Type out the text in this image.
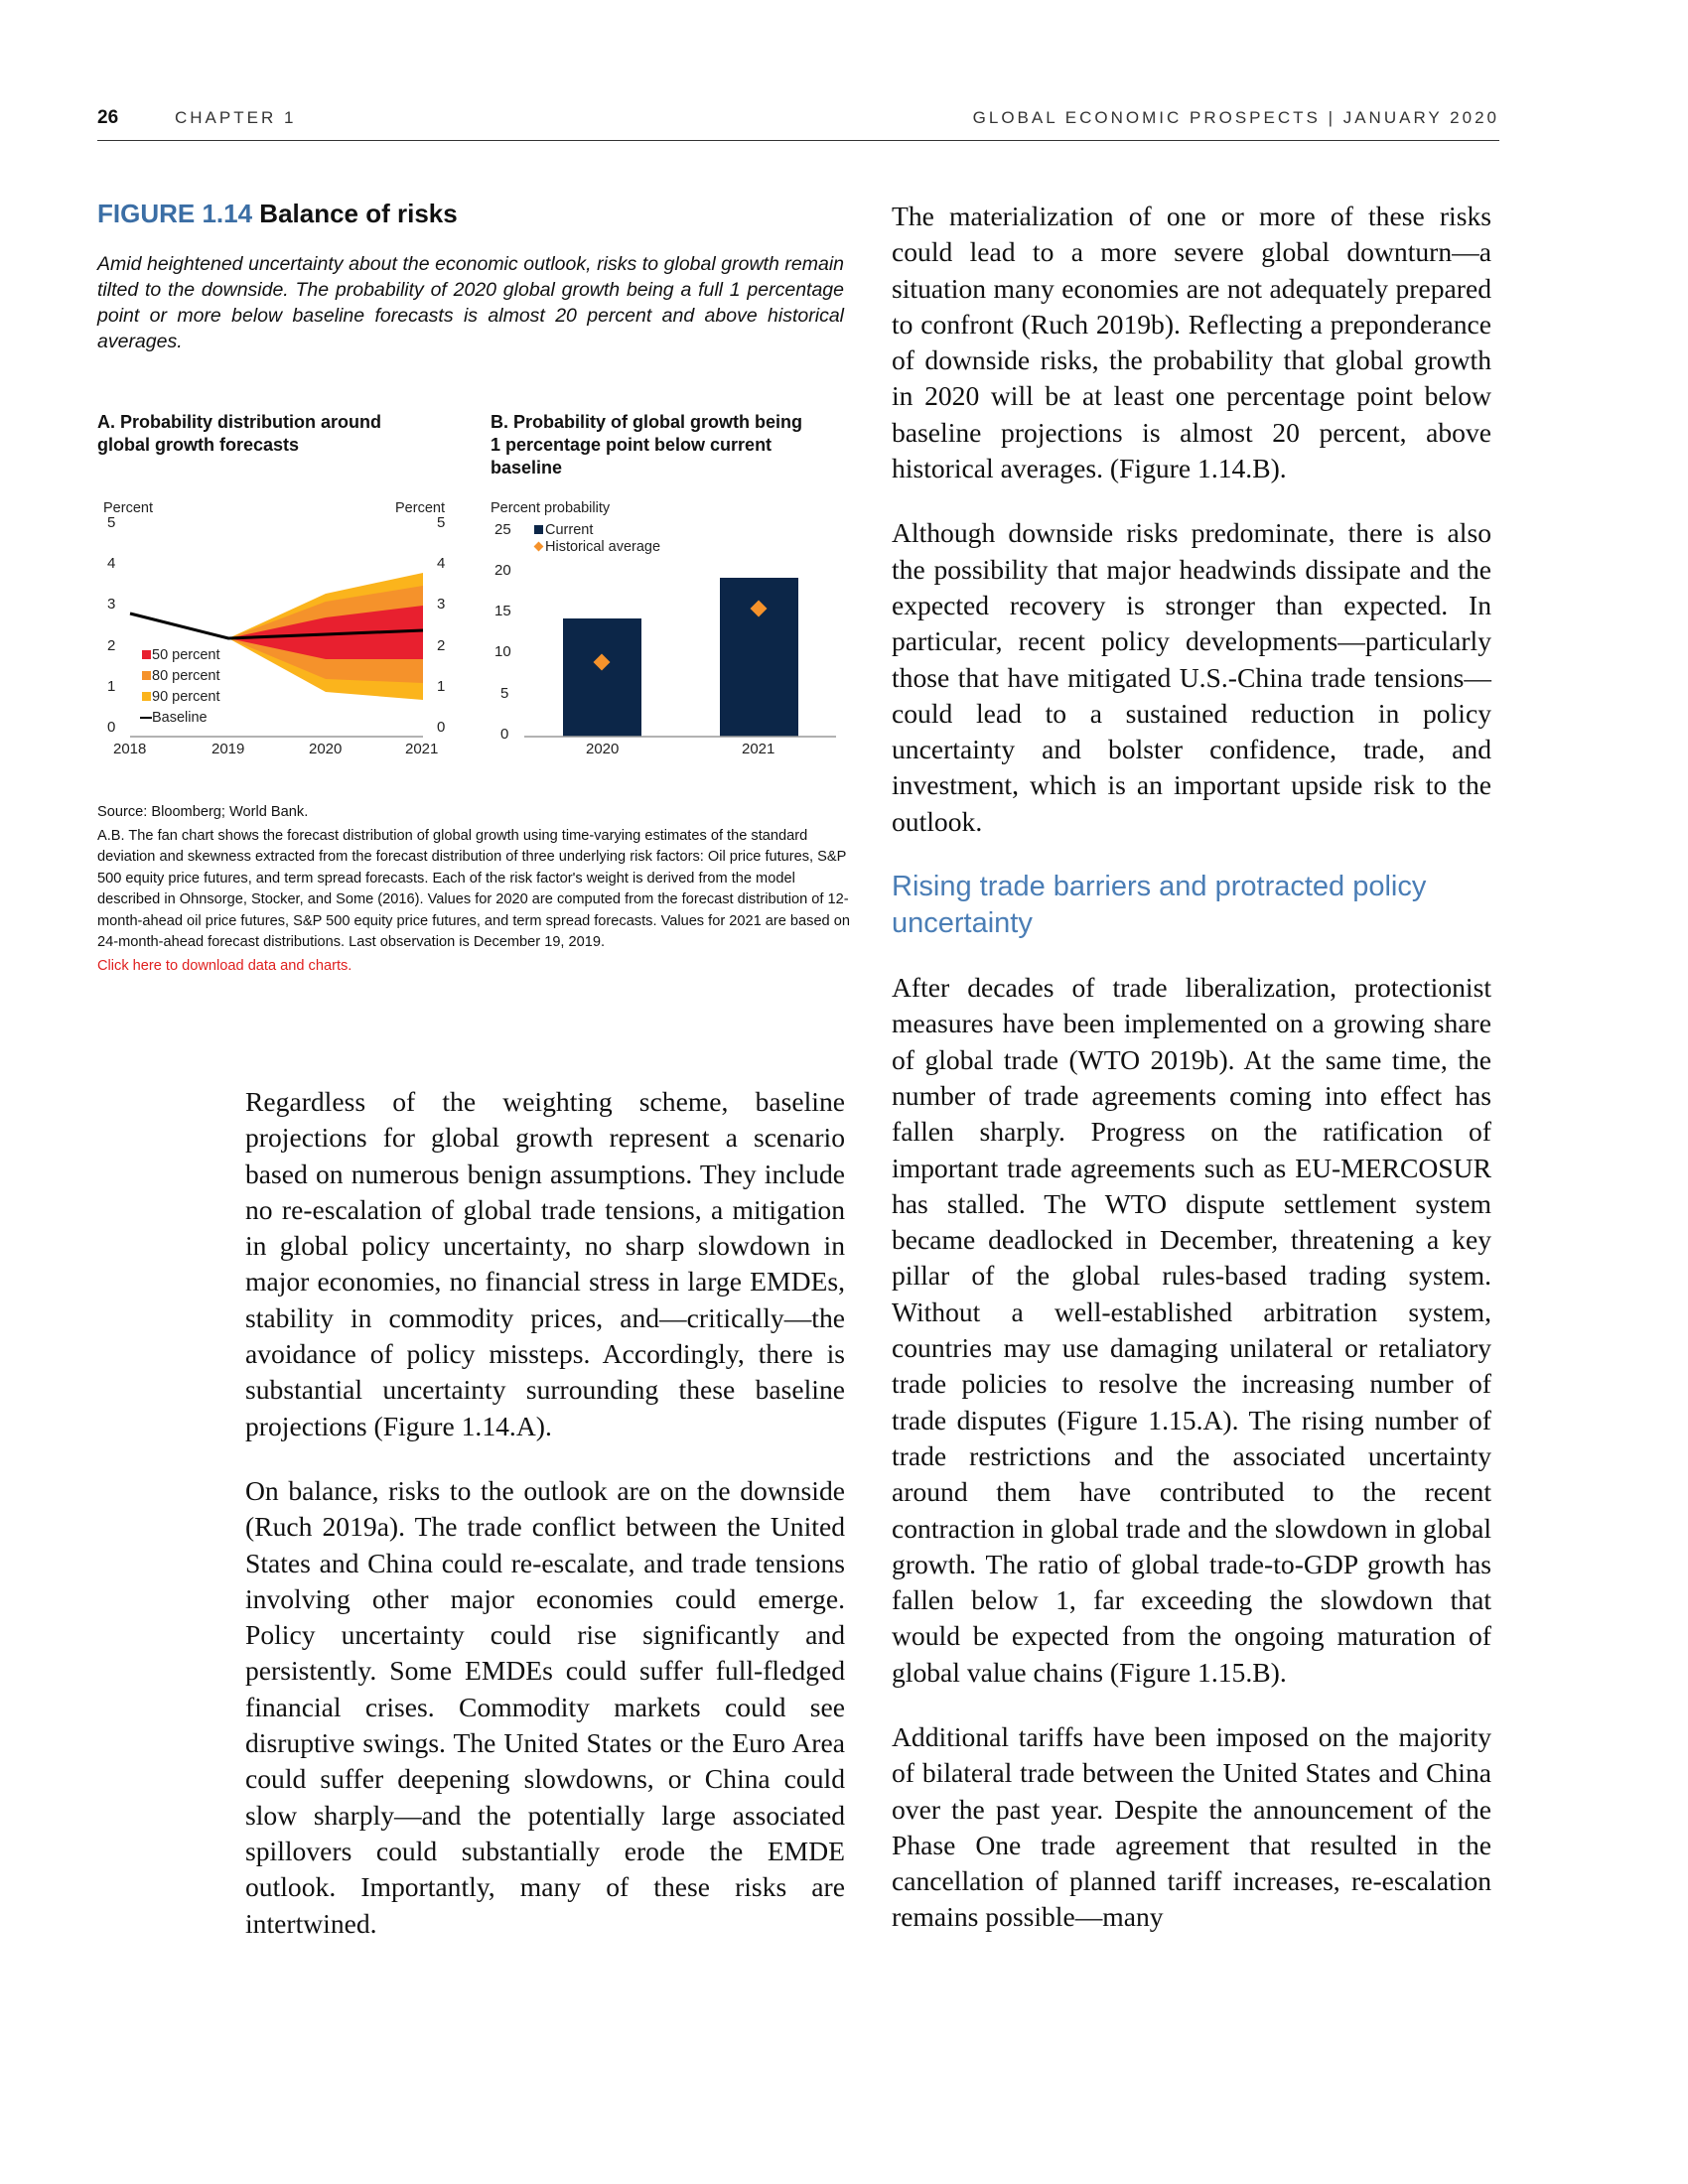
26	CHAPTER 1	GLOBAL ECONOMIC PROSPECTS | JANUARY 2020
FIGURE 1.14 Balance of risks
Amid heightened uncertainty about the economic outlook, risks to global growth remain tilted to the downside. The probability of 2020 global growth being a full 1 percentage point or more below baseline forecasts is almost 20 percent and above historical averages.
A. Probability distribution around
global growth forecasts
Percent	Percent
5
4
3
2
1
0
5
4
3
2
1
0
2018	2019	2020	2021
50 percent
80 percent
90 percent
Baseline
B. Probability of global growth being
1 percentage point below current
baseline
Percent probability
25
20
15
10
5
0
2020	2021
Current
Historical average

Source: Bloomberg; World Bank.

A.B. The fan chart shows the forecast distribution of global growth using time-varying estimates of the standard deviation and skewness extracted from the forecast distribution of three underlying risk factors: Oil price futures, S&P 500 equity price futures, and term spread forecasts. Each of the risk factor's weight is derived from the model described in Ohnsorge, Stocker, and Some (2016). Values for 2020 are computed from the forecast distribution of 12-month-ahead oil price futures, S&P 500 equity price futures, and term spread forecasts. Values for 2021 are based on 24-month-ahead forecast distributions. Last observation is December 19, 2019.

Click here to download data and charts.

Regardless of the weighting scheme, baseline projections for global growth represent a scenario based on numerous benign assumptions. They include no re-escalation of global trade tensions, a mitigation in global policy uncertainty, no sharp slowdown in major economies, no financial stress in large EMDEs, stability in commodity prices, and—critically—the avoidance of policy missteps. Accordingly, there is substantial uncertainty surrounding these baseline projections (Figure 1.14.A).

On balance, risks to the outlook are on the downside (Ruch 2019a). The trade conflict between the United States and China could re-escalate, and trade tensions involving other major economies could emerge. Policy uncertainty could rise significantly and persistently. Some EMDEs could suffer full-fledged financial crises. Commodity markets could see disruptive swings. The United States or the Euro Area could suffer deepening slowdowns, or China could slow sharply—and the potentially large associated spillovers could substantially erode the EMDE outlook. Importantly, many of these risks are intertwined.

The materialization of one or more of these risks could lead to a more severe global downturn—a situation many economies are not adequately prepared to confront (Ruch 2019b). Reflecting a preponderance of downside risks, the probability that global growth in 2020 will be at least one percentage point below baseline projections is almost 20 percent, above historical averages. (Figure 1.14.B).

Although downside risks predominate, there is also the possibility that major headwinds dissipate and the expected recovery is stronger than expected. In particular, recent policy developments—particularly those that have mitigated U.S.-China trade tensions—could lead to a sustained reduction in policy uncertainty and bolster confidence, trade, and investment, which is an important upside risk to the outlook.

Rising trade barriers and protracted policy uncertainty

After decades of trade liberalization, protectionist measures have been implemented on a growing share of global trade (WTO 2019b). At the same time, the number of trade agreements coming into effect has fallen sharply. Progress on the ratification of important trade agreements such as EU-MERCOSUR has stalled. The WTO dispute settlement system became deadlocked in December, threatening a key pillar of the global rules-based trading system. Without a well-established arbitration system, countries may use damaging unilateral or retaliatory trade policies to resolve the increasing number of trade disputes (Figure 1.15.A). The rising number of trade restrictions and the associated uncertainty around them have contributed to the recent contraction in global trade and the slowdown in global growth. The ratio of global trade-to-GDP growth has fallen below 1, far exceeding the slowdown that would be expected from the ongoing maturation of global value chains (Figure 1.15.B).

Additional tariffs have been imposed on the majority of bilateral trade between the United States and China over the past year. Despite the announcement of the Phase One trade agreement that resulted in the cancellation of planned tariff increases, re-escalation remains possible—many
